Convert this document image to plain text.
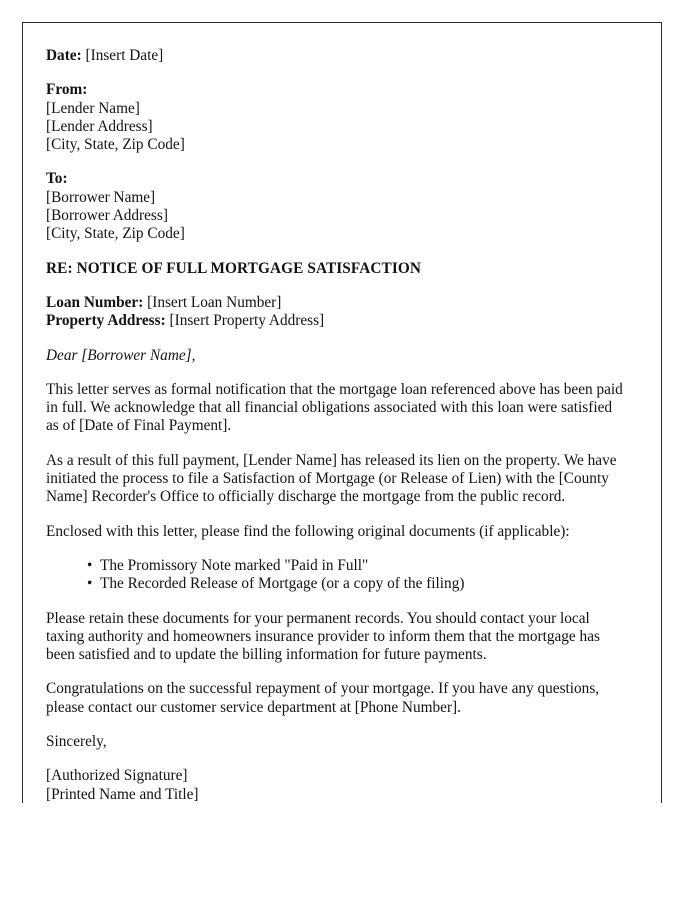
Date: [Insert Date]
From:
[Lender Name]
[Lender Address]
[City, State, Zip Code]
To:
[Borrower Name]
[Borrower Address]
[City, State, Zip Code]
RE: NOTICE OF FULL MORTGAGE SATISFACTION
Loan Number: [Insert Loan Number]
Property Address: [Insert Property Address]

Dear [Borrower Name],

This letter serves as formal notification that the mortgage loan referenced above has been paid in full. We acknowledge that all financial obligations associated with this loan were satisfied as of [Date of Final Payment].

As a result of this full payment, [Lender Name] has released its lien on the property. We have initiated the process to file a Satisfaction of Mortgage (or Release of Lien) with the [County Name] Recorder's Office to officially discharge the mortgage from the public record.

Enclosed with this letter, please find the following original documents (if applicable):

• The Promissory Note marked "Paid in Full"
• The Recorded Release of Mortgage (or a copy of the filing)

Please retain these documents for your permanent records. You should contact your local taxing authority and homeowners insurance provider to inform them that the mortgage has been satisfied and to update the billing information for future payments.

Congratulations on the successful repayment of your mortgage. If you have any questions, please contact our customer service department at [Phone Number].

Sincerely,

[Authorized Signature]
[Printed Name and Title]
